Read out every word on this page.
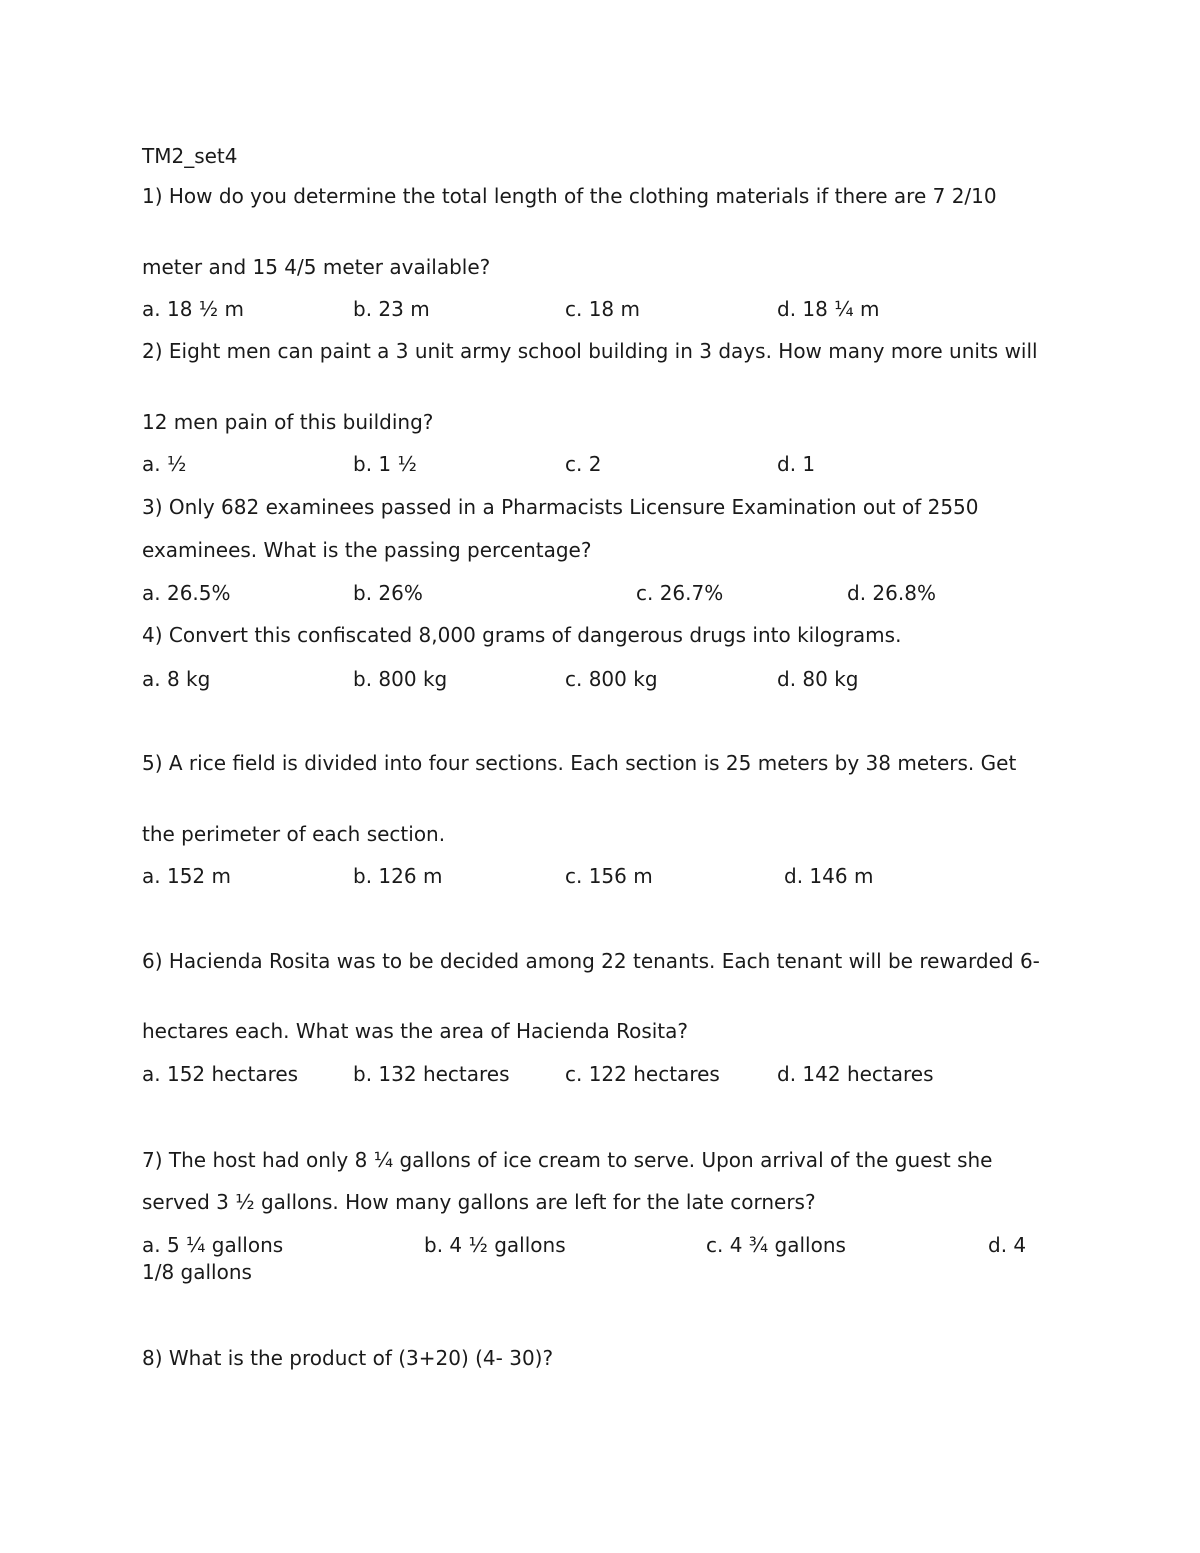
TM2_set4
1) How do you determine the total length of the clothing materials if there are 7 2/10
meter and 15 4/5 meter available?
a. 18 ½ m	b. 23 m	c. 18 m	d. 18 ¼ m
2) Eight men can paint a 3 unit army school building in 3 days. How many more units will
12 men pain of this building?
a. ½	b. 1 ½	c. 2	d. 1
3) Only 682 examinees passed in a Pharmacists Licensure Examination out of 2550
examinees. What is the passing percentage?
a. 26.5%	b. 26%	c. 26.7%	d. 26.8%
4) Convert this confiscated 8,000 grams of dangerous drugs into kilograms.
a. 8 kg	b. 800 kg	c. 800 kg	d. 80 kg
5) A rice field is divided into four sections. Each section is 25 meters by 38 meters. Get
the perimeter of each section.
a. 152 m	b. 126 m	c. 156 m	d. 146 m
6) Hacienda Rosita was to be decided among 22 tenants. Each tenant will be rewarded 6-
hectares each. What was the area of Hacienda Rosita?
a. 152 hectares	b. 132 hectares	c. 122 hectares	d. 142 hectares
7) The host had only 8 ¼ gallons of ice cream to serve. Upon arrival of the guest she
served 3 ½ gallons. How many gallons are left for the late corners?
a. 5 ¼ gallons	b. 4 ½ gallons	c. 4 ¾ gallons	d. 4
1/8 gallons
8) What is the product of (3+20) (4- 30)?
